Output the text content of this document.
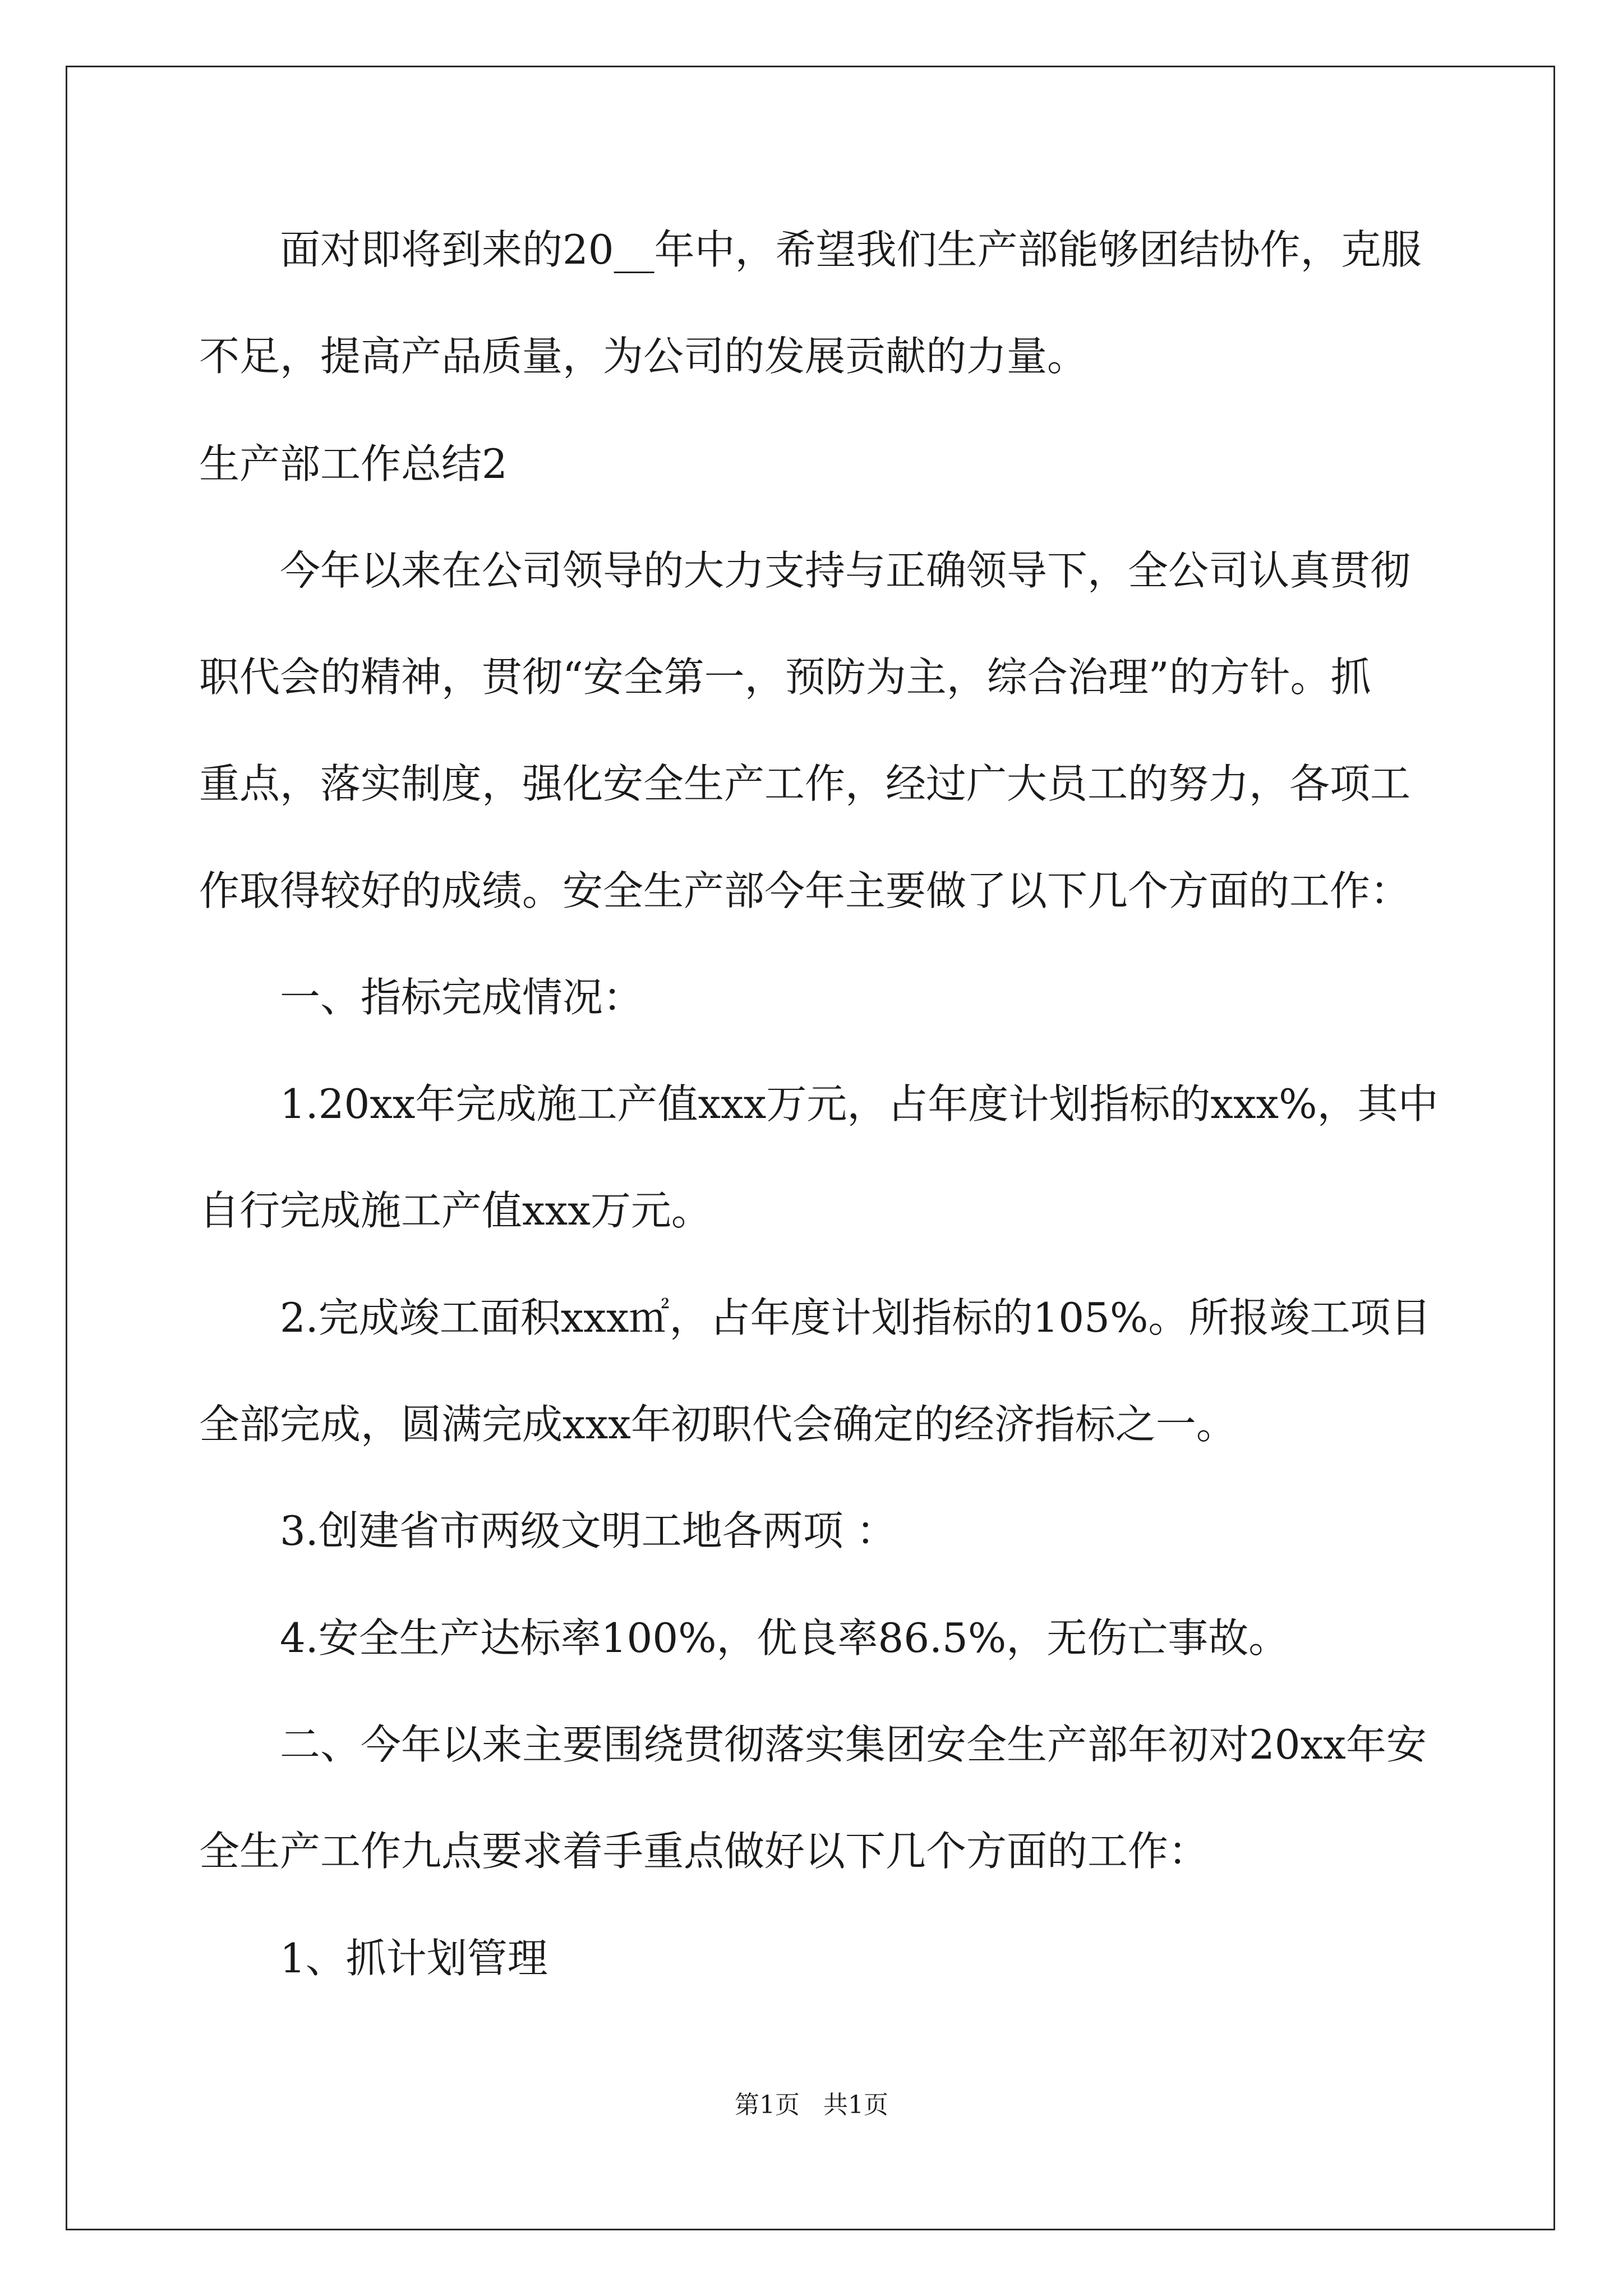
面对即将到来的20__年中，希望我们生产部能够团结协作，克服
不足，提高产品质量，为公司的发展贡献的力量。
生产部工作总结2
今年以来在公司领导的大力支持与正确领导下，全公司认真贯彻
职代会的精神，贯彻“安全第一，预防为主，综合治理”的方针。抓
重点，落实制度，强化安全生产工作，经过广大员工的努力，各项工
作取得较好的成绩。安全生产部今年主要做了以下几个方面的工作：
一、指标完成情况：
1.20xx年完成施工产值xxx万元，占年度计划指标的xxx%，其中
自行完成施工产值xxx万元。
2.完成竣工面积xxx㎡，占年度计划指标的105%。所报竣工项目
全部完成，圆满完成xxx年初职代会确定的经济指标之一。
3.创建省市两级文明工地各两项 ：
4.安全生产达标率100%，优良率86.5%，无伤亡事故。
二、今年以来主要围绕贯彻落实集团安全生产部年初对20xx年安
全生产工作九点要求着手重点做好以下几个方面的工作：
1、抓计划管理
第1页   共1页
